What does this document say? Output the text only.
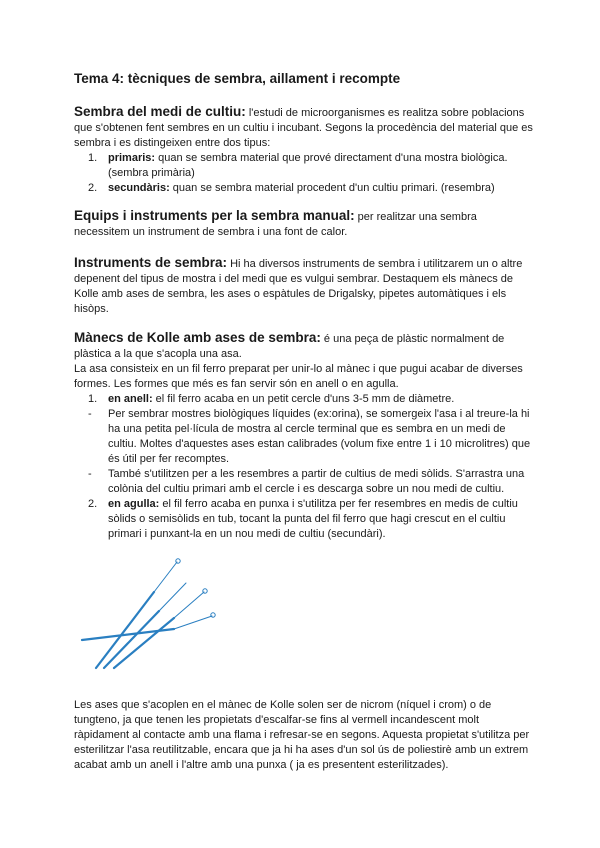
Tema 4: tècniques de sembra, aillament i recompte

Sembra del medi de cultiu: l'estudi de microorganismes es realitza sobre poblacions que s'obtenen fent sembres en un cultiu i incubant. Segons la procedència del material que es sembra i es distingeixen entre dos tipus:

1. primaris: quan se sembra material que prové directament d'una mostra biològica. (sembra primària)
2. secundàris: quan se sembra material procedent d'un cultiu primari. (resembra)

Equips i instruments per la sembra manual: per realitzar una sembra necessitem un instrument de sembra i una font de calor.

Instruments de sembra: Hi ha diversos instruments de sembra i utilitzarem un o altre depenent del tipus de mostra i del medi que es vulgui sembrar. Destaquem els mànecs de Kolle amb ases de sembra, les ases o espàtules de Drigalsky, pipetes automàtiques i els hisòps.

Mànecs de Kolle amb ases de sembra: é una peça de plàstic normalment de plàstica a la que s'acopla una asa.

La asa consisteix en un fil ferro preparat per unir-lo al mànec i que pugui acabar de diverses formes. Les formes que més es fan servir són en anell o en agulla.

1. en anell: el fil ferro acaba en un petit cercle d'uns 3-5 mm de diàmetre.
- Per sembrar mostres biològiques líquides (ex:orina), se somergeix l'asa i al treure-la hi ha una petita pel·lícula de mostra al cercle terminal que es sembra en un medi de cultiu. Moltes d'aquestes ases estan calibrades (volum fixe entre 1 i 10 microlitres) que és útil per fer recomptes.
- També s'utilitzen per a les resembres a partir de cultius de medi sòlids. S'arrastra una colònia del cultiu primari amb el cercle i es descarga sobre un nou medi de cultiu.
2. en agulla: el fil ferro acaba en punxa i s'utilitza per fer resembres en medis de cultiu sòlids o semisòlids en tub, tocant la punta del fil ferro que hagi crescut en el cultiu primari i punxant-la en un nou medi de cultiu (secundàri).

Les ases que s'acoplen en el mànec de Kolle solen ser de nicrom (níquel i crom) o de tungteno, ja que tenen les propietats d'escalfar-se fins al vermell incandescent molt ràpidament al contacte amb una flama i refresar-se en segons. Aquesta propietat s'utilitza per esterilitzar l'asa reutilitzable, encara que ja hi ha ases d'un sol ús de poliestirè amb un extrem acabat amb un anell i l'altre amb una punxa ( ja es presentent esterilitzades).
